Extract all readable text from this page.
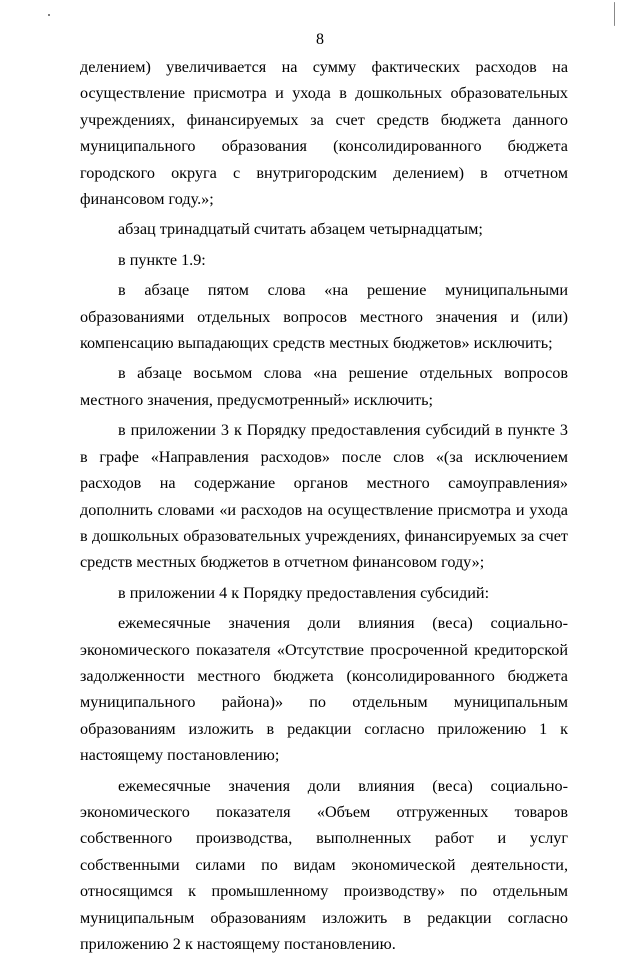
8

делением) увеличивается на сумму фактических расходов на осуществление присмотра и ухода в дошкольных образовательных учреждениях, финансируемых за счет средств бюджета данного муниципального образования (консолидированного бюджета городского округа с внутригородским делением) в отчетном финансовом году.»;

абзац тринадцатый считать абзацем четырнадцатым;

в пункте 1.9:

в абзаце пятом слова «на решение муниципальными образованиями отдельных вопросов местного значения и (или) компенсацию выпадающих средств местных бюджетов» исключить;

в абзаце восьмом слова «на решение отдельных вопросов местного значения, предусмотренный» исключить;

в приложении 3 к Порядку предоставления субсидий в пункте 3 в графе «Направления расходов» после слов «(за исключением расходов на содержание органов местного самоуправления» дополнить словами «и расходов на осуществление присмотра и ухода в дошкольных образовательных учреждениях, финансируемых за счет средств местных бюджетов в отчетном финансовом году»;

в приложении 4 к Порядку предоставления субсидий:

ежемесячные значения доли влияния (веса) социально-экономического показателя «Отсутствие просроченной кредиторской задолженности местного бюджета (консолидированного бюджета муниципального района)» по отдельным муниципальным образованиям изложить в редакции согласно приложению 1 к настоящему постановлению;

ежемесячные значения доли влияния (веса) социально-экономического показателя «Объем отгруженных товаров собственного производства, выполненных работ и услуг собственными силами по видам экономической деятельности, относящимся к промышленному производству» по отдельным муниципальным образованиям изложить в редакции согласно приложению 2 к настоящему постановлению.
